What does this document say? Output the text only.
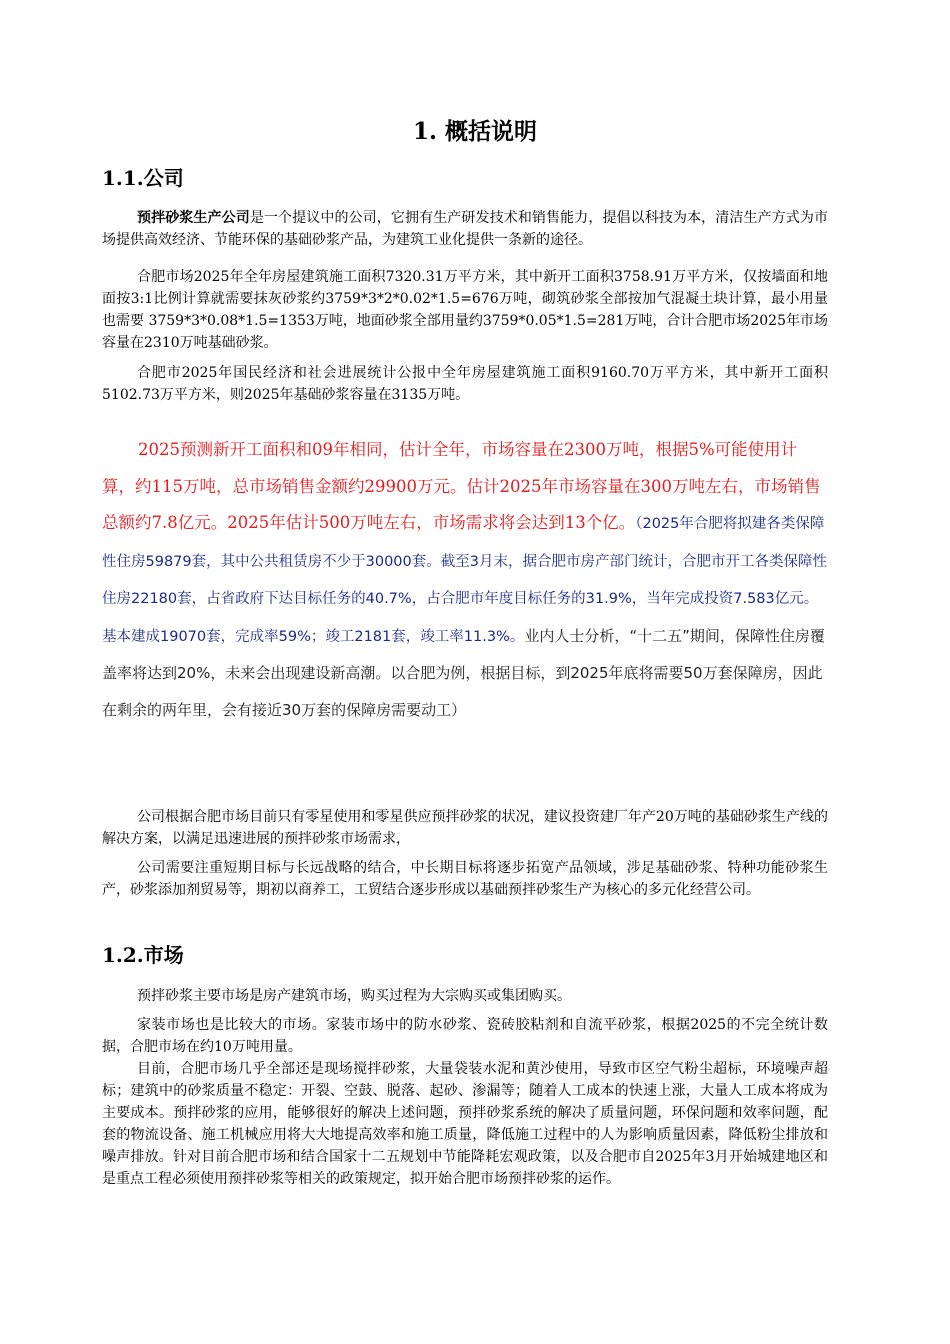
1. 概括说明
1.1.公司

预拌砂浆生产公司是一个提议中的公司，它拥有生产研发技术和销售能力，提倡以科技为本，清洁生产方式为市场提供高效经济、节能环保的基础砂浆产品，为建筑工业化提供一条新的途径。

合肥市场2025年全年房屋建筑施工面积7320.31万平方米，其中新开工面积3758.91万平方米，仅按墙面和地面按3:1比例计算就需要抹灰砂浆约3759*3*2*0.02*1.5=676万吨，砌筑砂浆全部按加气混凝土块计算，最小用量也需要 3759*3*0.08*1.5=1353万吨，地面砂浆全部用量约3759*0.05*1.5=281万吨，合计合肥市场2025年市场容量在2310万吨基础砂浆。

合肥市2025年国民经济和社会进展统计公报中全年房屋建筑施工面积9160.70万平方米，其中新开工面积5102.73万平方米，则2025年基础砂浆容量在3135万吨。

2025预测新开工面积和09年相同，估计全年，市场容量在2300万吨，根据5%可能使用计算，约115万吨，总市场销售金额约29900万元。估计2025年市场容量在300万吨左右，市场销售总额约7.8亿元。2025年估计500万吨左右，市场需求将会达到13个亿。（2025年合肥将拟建各类保障性住房59879套，其中公共租赁房不少于30000套。截至3月末，据合肥市房产部门统计，合肥市开工各类保障性住房22180套，占省政府下达目标任务的40.7%，占合肥市年度目标任务的31.9%，当年完成投资7.583亿元。基本建成19070套，完成率59%；竣工2181套，竣工率11.3%。业内人士分析，“十二五”期间，保障性住房覆盖率将达到20%，未来会出现建设新高潮。以合肥为例，根据目标，到2025年底将需要50万套保障房，因此在剩余的两年里，会有接近30万套的保障房需要动工）

公司根据合肥市场目前只有零星使用和零星供应预拌砂浆的状况，建议投资建厂年产20万吨的基础砂浆生产线的解决方案，以满足迅速进展的预拌砂浆市场需求，

公司需要注重短期目标与长远战略的结合，中长期目标将逐步拓宽产品领域，涉足基础砂浆、特种功能砂浆生产，砂浆添加剂贸易等，期初以商养工，工贸结合逐步形成以基础预拌砂浆生产为核心的多元化经营公司。

1.2.市场

预拌砂浆主要市场是房产建筑市场，购买过程为大宗购买或集团购买。

家装市场也是比较大的市场。家装市场中的防水砂浆、瓷砖胶粘剂和自流平砂浆，根据2025的不完全统计数据，合肥市场在约10万吨用量。

目前，合肥市场几乎全部还是现场搅拌砂浆，大量袋装水泥和黄沙使用，导致市区空气粉尘超标，环境噪声超标；建筑中的砂浆质量不稳定：开裂、空鼓、脱落、起砂、渗漏等；随着人工成本的快速上涨，大量人工成本将成为主要成本。预拌砂浆的应用，能够很好的解决上述问题，预拌砂浆系统的解决了质量问题，环保问题和效率问题，配套的物流设备、施工机械应用将大大地提高效率和施工质量，降低施工过程中的人为影响质量因素，降低粉尘排放和噪声排放。针对目前合肥市场和结合国家十二五规划中节能降耗宏观政策，以及合肥市自2025年3月开始城建地区和是重点工程必须使用预拌砂浆等相关的政策规定，拟开始合肥市场预拌砂浆的运作。
